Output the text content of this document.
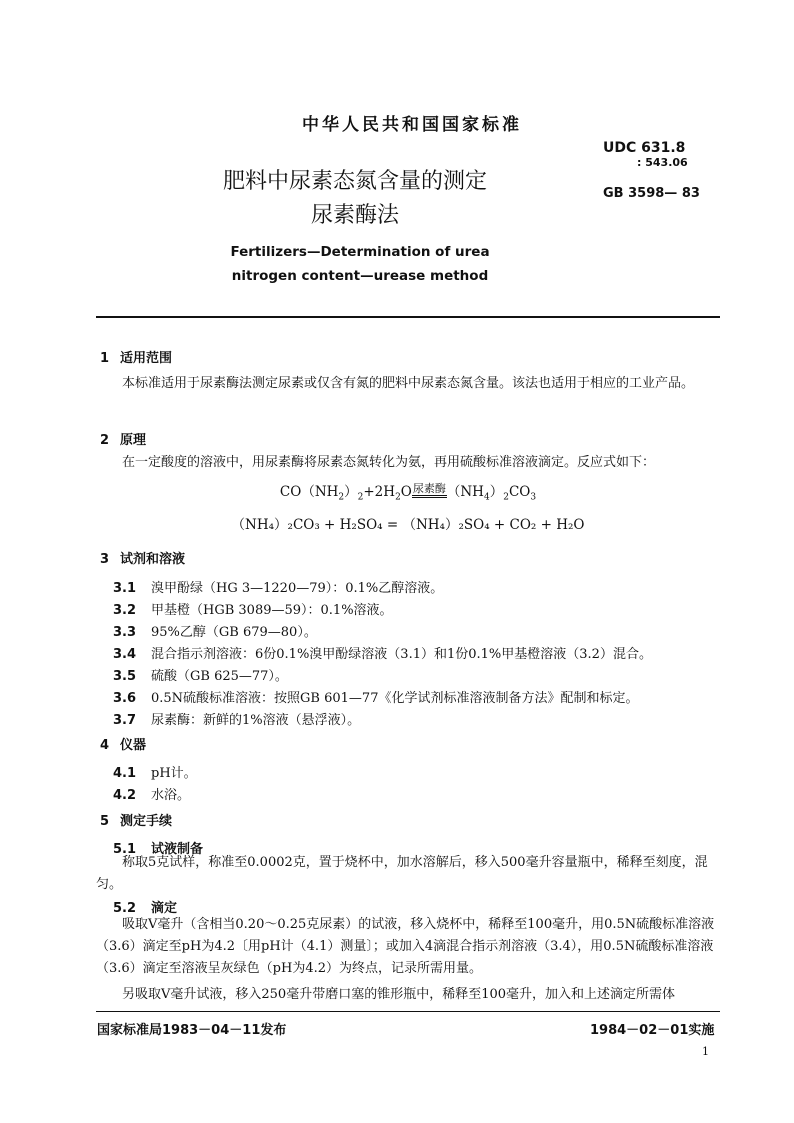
中华人民共和国国家标准
UDC 631.8
: 543.06
GB 3598— 83
肥料中尿素态氮含量的测定
尿素酶法
Fertilizers—Determination of urea
nitrogen content—urease method
1 适用范围
本标准适用于尿素酶法测定尿素或仅含有氮的肥料中尿素态氮含量。该法也适用于相应的工业产品。
2 原理
在一定酸度的溶液中，用尿素酶将尿素态氮转化为氨，再用硫酸标准溶液滴定。反应式如下：
$CO(NH_2)_2+2H_2O$尿素酶$(NH_4)_2CO_3$
（NH₄）₂CO₃ + H₂SO₄ = （NH₄）₂SO₄ + CO₂ + H₂O
3 试剂和溶液
3.1 溴甲酚绿（HG 3—1220—79）：0.1%乙醇溶液。
3.2 甲基橙（HGB 3089—59）：0.1%溶液。
3.3 95%乙醇（GB 679—80）。
3.4 混合指示剂溶液：6份0.1%溴甲酚绿溶液（3.1）和1份0.1%甲基橙溶液（3.2）混合。
3.5 硫酸（GB 625—77）。
3.6 0.5N硫酸标准溶液：按照GB 601—77《化学试剂标准溶液制备方法》配制和标定。
3.7 尿素酶：新鲜的1%溶液（悬浮液）。
4 仪器
4.1 pH计。
4.2 水浴。
5 测定手续
5.1 试液制备
称取5克试样，称准至0.0002克，置于烧杯中，加水溶解后，移入500毫升容量瓶中，稀释至刻度，混匀。
5.2 滴定
吸取V毫升（含相当0.20～0.25克尿素）的试液，移入烧杯中，稀释至100毫升，用0.5N硫酸标准溶液（3.6）滴定至pH为4.2〔用pH计（4.1）测量〕；或加入4滴混合指示剂溶液（3.4），用0.5N硫酸标准溶液（3.6）滴定至溶液呈灰绿色（pH为4.2）为终点，记录所需用量。
另吸取V毫升试液，移入250毫升带磨口塞的锥形瓶中，稀释至100毫升，加入和上述滴定所需体
国家标准局1983－04－11发布	1984－02－01实施
1
